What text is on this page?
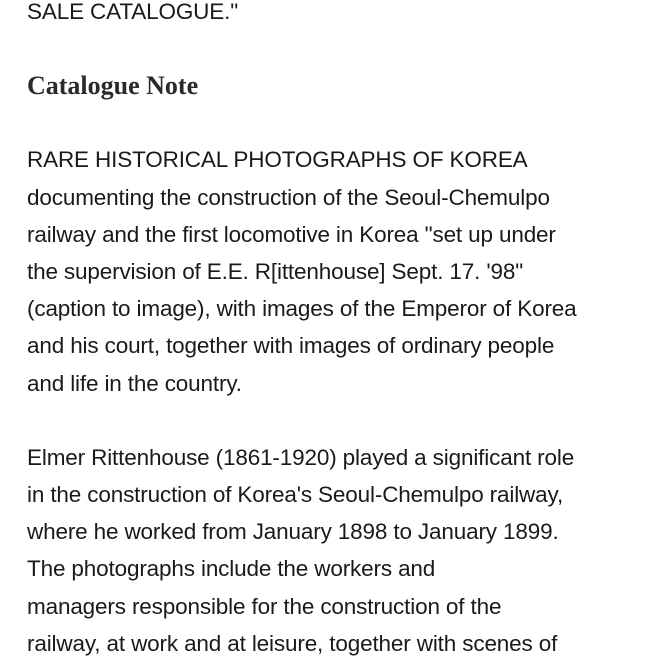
SALE CATALOGUE."

Catalogue Note

RARE HISTORICAL PHOTOGRAPHS OF KOREA
documenting the construction of the Seoul-Chemulpo
railway and the first locomotive in Korea "set up under
the supervision of E.E. R[ittenhouse] Sept. 17. '98"
(caption to image), with images of the Emperor of Korea
and his court, together with images of ordinary people
and life in the country.

Elmer Rittenhouse (1861-1920) played a significant role
in the construction of Korea's Seoul-Chemulpo railway,
where he worked from January 1898 to January 1899.
The photographs include the workers and
managers responsible for the construction of the
railway, at work and at leisure, together with scenes of
